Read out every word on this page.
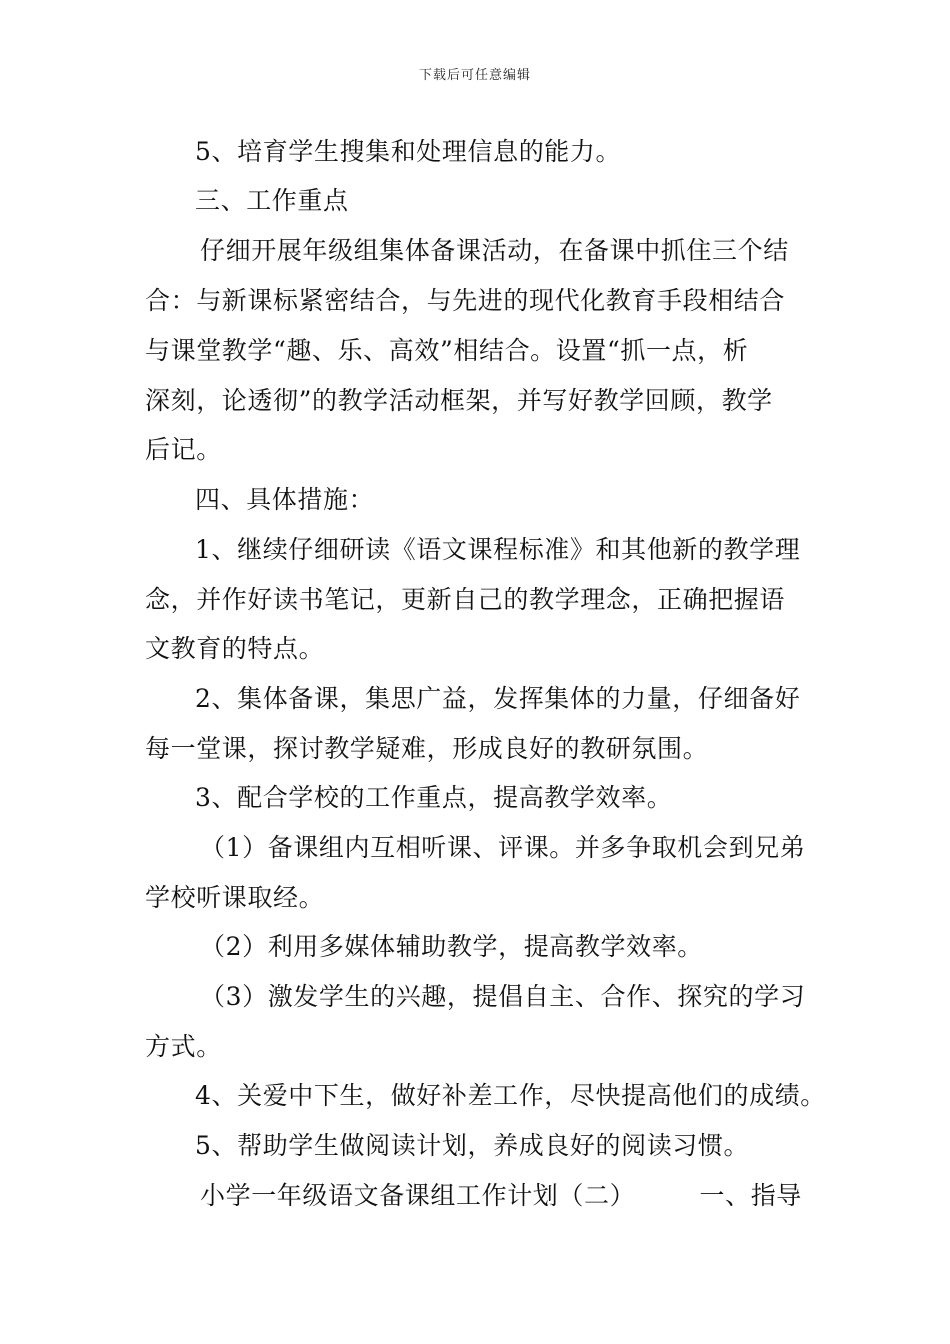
下载后可任意编辑
5、培育学生搜集和处理信息的能力。
三、工作重点
仔细开展年级组集体备课活动，在备课中抓住三个结
合：与新课标紧密结合，与先进的现代化教育手段相结合
与课堂教学“趣、乐、高效”相结合。设置“抓一点，析
深刻，论透彻”的教学活动框架，并写好教学回顾，教学
后记。
四、具体措施：
1、继续仔细研读《语文课程标准》和其他新的教学理
念，并作好读书笔记，更新自己的教学理念，正确把握语
文教育的特点。
2、集体备课，集思广益，发挥集体的力量，仔细备好
每一堂课，探讨教学疑难，形成良好的教研氛围。
3、配合学校的工作重点，提高教学效率。
（1）备课组内互相听课、评课。并多争取机会到兄弟
学校听课取经。
（2）利用多媒体辅助教学，提高教学效率。
（3）激发学生的兴趣，提倡自主、合作、探究的学习
方式。
4、关爱中下生，做好补差工作，尽快提高他们的成绩。
5、帮助学生做阅读计划，养成良好的阅读习惯。
小学一年级语文备课组工作计划（二）　　　一、指导
